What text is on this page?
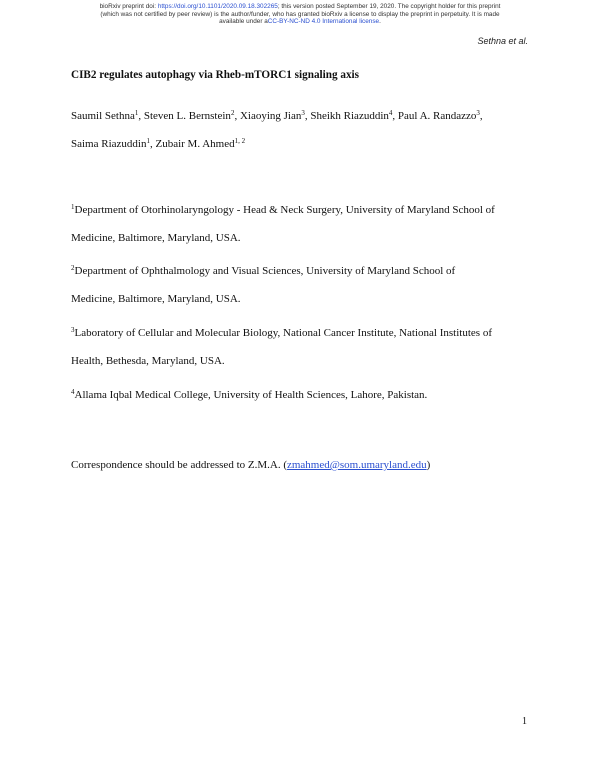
bioRxiv preprint doi: https://doi.org/10.1101/2020.09.18.302265; this version posted September 19, 2020. The copyright holder for this preprint
(which was not certified by peer review) is the author/funder, who has granted bioRxiv a license to display the preprint in perpetuity. It is made
available under aCC-BY-NC-ND 4.0 International license.
Sethna et al.
CIB2 regulates autophagy via Rheb-mTORC1 signaling axis
Saumil Sethna$^1$, Steven L. Bernstein$^2$, Xiaoying Jian$^3$, Sheikh Riazuddin$^4$, Paul A. Randazzo$^3$,
Saima Riazuddin$^1$, Zubair M. Ahmed$^{1, 2}$
$^1$Department of Otorhinolaryngology - Head & Neck Surgery, University of Maryland School of
Medicine, Baltimore, Maryland, USA.
$^2$Department of Ophthalmology and Visual Sciences, University of Maryland School of
Medicine, Baltimore, Maryland, USA.
$^3$Laboratory of Cellular and Molecular Biology, National Cancer Institute, National Institutes of
Health, Bethesda, Maryland, USA.
$^4$Allama Iqbal Medical College, University of Health Sciences, Lahore, Pakistan.
Correspondence should be addressed to Z.M.A. (zmahmed@som.umaryland.edu)
1
